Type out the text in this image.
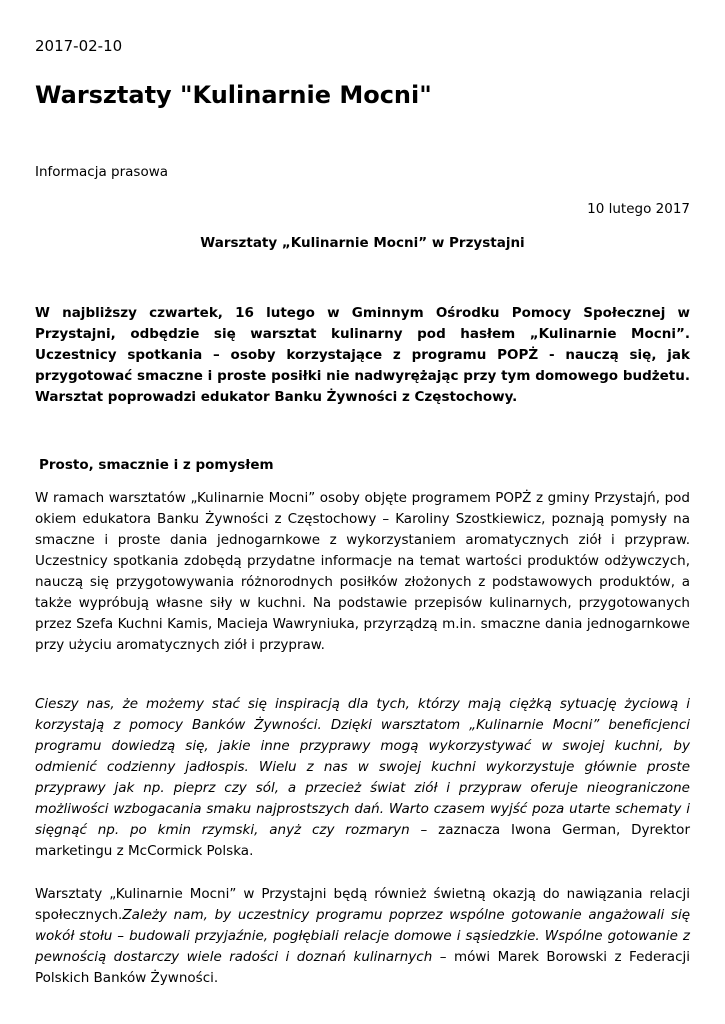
2017-02-10
Warsztaty "Kulinarnie Mocni"
Informacja prasowa
10 lutego 2017
Warsztaty „Kulinarnie Mocni” w Przystajni

W najbliższy czwartek, 16 lutego w Gminnym Ośrodku Pomocy Społecznej w Przystajni, odbędzie się warsztat kulinarny pod hasłem „Kulinarnie Mocni”. Uczestnicy spotkania – osoby korzystające z programu POPŻ - nauczą się, jak przygotować smaczne i proste posiłki nie nadwyrężając przy tym domowego budżetu. Warsztat poprowadzi edukator Banku Żywności z Częstochowy.

Prosto, smacznie i z pomysłem

W ramach warsztatów „Kulinarnie Mocni” osoby objęte programem POPŻ z gminy Przystajń, pod okiem edukatora Banku Żywności z Częstochowy – Karoliny Szostkiewicz, poznają pomysły na smaczne i proste dania jednogarnkowe z wykorzystaniem aromatycznych ziół i przypraw. Uczestnicy spotkania zdobędą przydatne informacje na temat wartości produktów odżywczych, nauczą się przygotowywania różnorodnych posiłków złożonych z podstawowych produktów, a także wypróbują własne siły w kuchni. Na podstawie przepisów kulinarnych, przygotowanych przez Szefa Kuchni Kamis, Macieja Wawryniuka, przyrządzą m.in. smaczne dania jednogarnkowe przy użyciu aromatycznych ziół i przypraw.

Cieszy nas, że możemy stać się inspiracją dla tych, którzy mają ciężką sytuację życiową i korzystają z pomocy Banków Żywności. Dzięki warsztatom „Kulinarnie Mocni” beneficjenci programu dowiedzą się, jakie inne przyprawy mogą wykorzystywać w swojej kuchni, by odmienić codzienny jadłospis. Wielu z nas w swojej kuchni wykorzystuje głównie proste przyprawy jak np. pieprz czy sól, a przecież świat ziół i przypraw oferuje nieograniczone możliwości wzbogacania smaku najprostszych dań. Warto czasem wyjść poza utarte schematy i sięgnąć np. po kmin rzymski, anyż czy rozmaryn – zaznacza Iwona German, Dyrektor marketingu z McCormick Polska.

Warsztaty „Kulinarnie Mocni” w Przystajni będą również świetną okazją do nawiązania relacji społecznych.Zależy nam, by uczestnicy programu poprzez wspólne gotowanie angażowali się wokół stołu – budowali przyjaźnie, pogłębiali relacje domowe i sąsiedzkie. Wspólne gotowanie z pewnością dostarczy wiele radości i doznań kulinarnych – mówi Marek Borowski z Federacji Polskich Banków Żywności.
